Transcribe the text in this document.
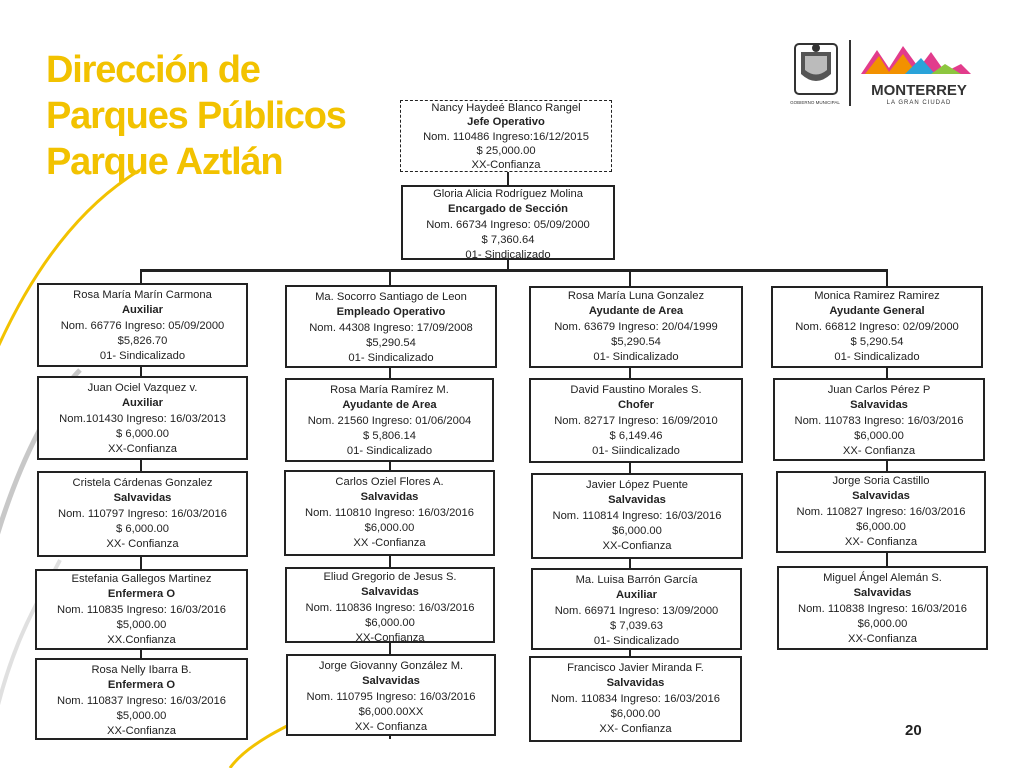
Dirección de
Parques Públicos
Parque Aztlán
GOBIERNO MUNICIPAL
MONTERREY
LA GRAN CIUDAD
Nancy Haydeé Blanco Rangel
Jefe Operativo
Nom. 110486 Ingreso:16/12/2015
$ 25,000.00
XX-Confianza
Gloria Alicia Rodríguez Molina
Encargado de Sección
Nom. 66734 Ingreso: 05/09/2000
$ 7,360.64
01- Sindicalizado
Rosa María Marín Carmona
Auxiliar
Nom. 66776 Ingreso: 05/09/2000
$5,826.70
01- Sindicalizado
Juan Ociel Vazquez v.
Auxiliar
Nom.101430 Ingreso: 16/03/2013
$ 6,000.00
XX-Confianza
Cristela Cárdenas Gonzalez
Salvavidas
Nom. 110797 Ingreso: 16/03/2016
$ 6,000.00
XX- Confianza
Estefania Gallegos Martinez
Enfermera O
Nom. 110835 Ingreso: 16/03/2016
$5,000.00
XX.Confianza
Rosa Nelly Ibarra B.
Enfermera O
Nom. 110837 Ingreso: 16/03/2016
$5,000.00
XX-Confianza
Ma. Socorro Santiago de Leon
Empleado Operativo
Nom. 44308 Ingreso: 17/09/2008
$5,290.54
01- Sindicalizado
Rosa María Ramírez M.
Ayudante de Area
Nom. 21560 Ingreso: 01/06/2004
$ 5,806.14
01- Sindicalizado
Carlos Oziel Flores A.
Salvavidas
Nom. 110810 Ingreso: 16/03/2016
$6,000.00
XX -Confianza
Eliud Gregorio de Jesus S.
Salvavidas
Nom. 110836 Ingreso: 16/03/2016
$6,000.00
XX-Confianza
Jorge Giovanny González M.
Salvavidas
Nom. 110795 Ingreso: 16/03/2016
$6,000.00XX
XX- Confianza
Rosa María Luna Gonzalez
Ayudante de Area
Nom. 63679 Ingreso: 20/04/1999
$5,290.54
01- Sindicalizado
David Faustino Morales S.
Chofer
Nom. 82717 Ingreso: 16/09/2010
$ 6,149.46
01- Siindicalizado
Javier López Puente
Salvavidas
Nom. 110814 Ingreso: 16/03/2016
$6,000.00
XX-Confianza
Ma. Luisa Barrón García
Auxiliar
Nom. 66971 Ingreso: 13/09/2000
$ 7,039.63
01- Sindicalizado
Francisco Javier Miranda F.
Salvavidas
Nom. 110834 Ingreso: 16/03/2016
$6,000.00
XX- Confianza
Monica Ramirez Ramirez
Ayudante General
Nom. 66812 Ingreso: 02/09/2000
$ 5,290.54
01- Sindicalizado
Juan Carlos Pérez P
Salvavidas
Nom. 110783 Ingreso: 16/03/2016
$6,000.00
XX- Confianza
Jorge Soria Castillo
Salvavidas
Nom. 110827 Ingreso: 16/03/2016
$6,000.00
XX- Confianza
Miguel Ángel Alemán S.
Salvavidas
Nom. 110838 Ingreso: 16/03/2016
$6,000.00
XX-Confianza
20
